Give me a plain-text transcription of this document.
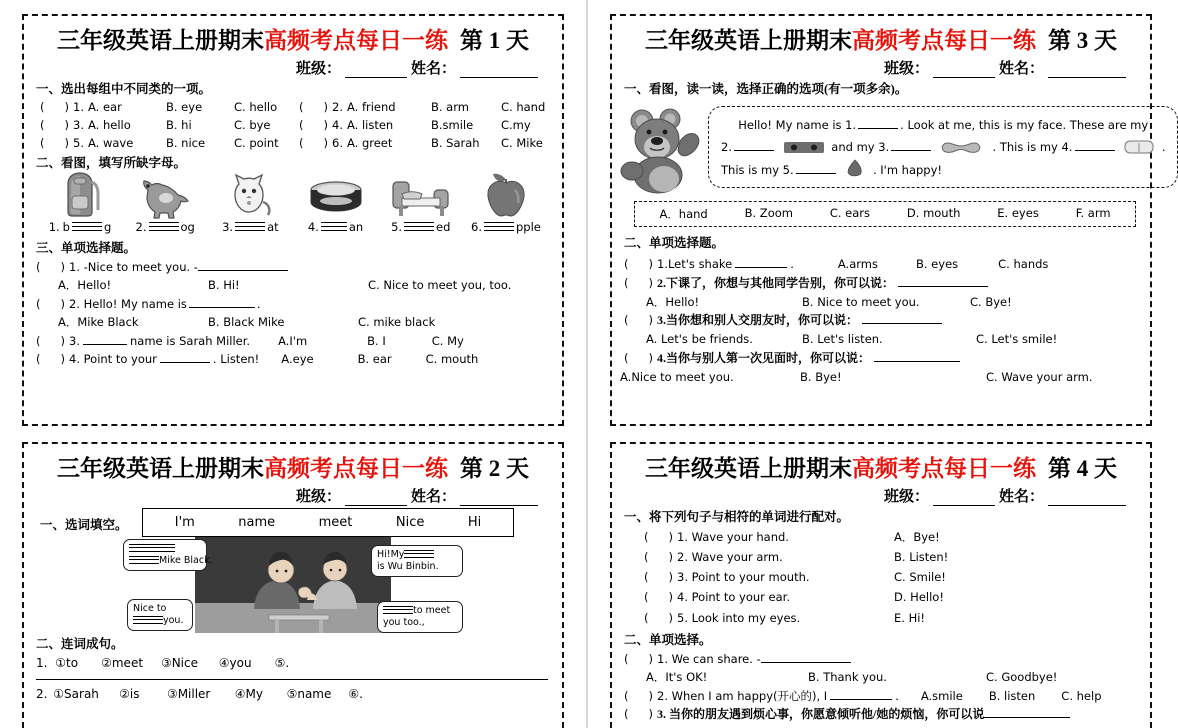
三年级英语上册期末高频考点每日一练 第 1 天
班级：	姓名：
一、选出每组中不同类的一项。
( )
1. A. ear	B. eye	C. hello
( )
3. A. hello	B. hi	C. bye
( )
5. A. wave	B. nice	C. point
( )
2. A. friend	B. arm	C. hand
( )
4. A. listen	B.smile	C.my
( )
6. A. greet	B. Sarah	C. Mike
二、看图，填写所缺字母。
1. b	g 2.	og 3.	at	4.	an 5.	ed 6.	pple
三、单项选择题。
( )1. -Nice to meet you. -
A．Hello!	B. Hi!	C. Nice to meet you, too.
( )2. Hello! My name is	.
A．Mike Black	B. Black Mike	C. mike black
( )3.	name is Sarah Miller. A.I'm	B. I	C. My
( )4. Point to your	. Listen! A.eye	B. ear	C. mouth
三年级英语上册期末高频考点每日一练 第 2 天
班级：	姓名：
一、选词填空。	I'm	name	meet	Nice	Hi

Mike Black.
Hi!My
is Wu Binbin.
Nice to
you.
to meet
you too.,
二、连词成句。
1. ①to ②meet ③Nice ④you ⑤.
2. ①Sarah ②is ③Miller ④My ⑤name ⑥.
三年级英语上册期末高频考点每日一练 第 3 天
班级：	姓名：
一、看图，读一读，选择正确的选项(有一项多余)。
Hello! My name is 1.	. Look at me, this is my face. These are my
2.	and my 3.	. This is my 4.	.
This is my 5.	. I'm happy!
A．hand	B. Zoom	C. ears	D. mouth	E. eyes	F. arm
二、单项选择题。
( )1.Let's shake	.	A.arms	B. eyes	C. hands
( )2.下课了，你想与其他同学告别，你可以说：
A．Hello!	B. Nice to meet you.	C. Bye!
( )3.当你想和别人交朋友时，你可以说：
A. Let's be friends.	B. Let's listen.	C. Let's smile!
( )4.当你与别人第一次见面时，你可以说：
A.Nice to meet you.	B. Bye!	C. Wave your arm.
三年级英语上册期末高频考点每日一练 第 4 天
班级：	姓名：
一、将下列句子与相符的单词进行配对。
( )1. Wave your hand.	A．Bye!
( )2. Wave your arm.	B. Listen!
( )3. Point to your mouth.	C. Smile!
( )4. Point to your ear.	D. Hello!
( )5. Look into my eyes.	E. Hi!
二、单项选择。
( )1. We can share. -
A．It's OK!	B. Thank you.	C. Goodbye!
( )2. When I am happy(开心的), I	. A.smile B. listen C. help
( )3. 当你的朋友遇到烦心事，你愿意倾听他/她的烦恼，你可以说
